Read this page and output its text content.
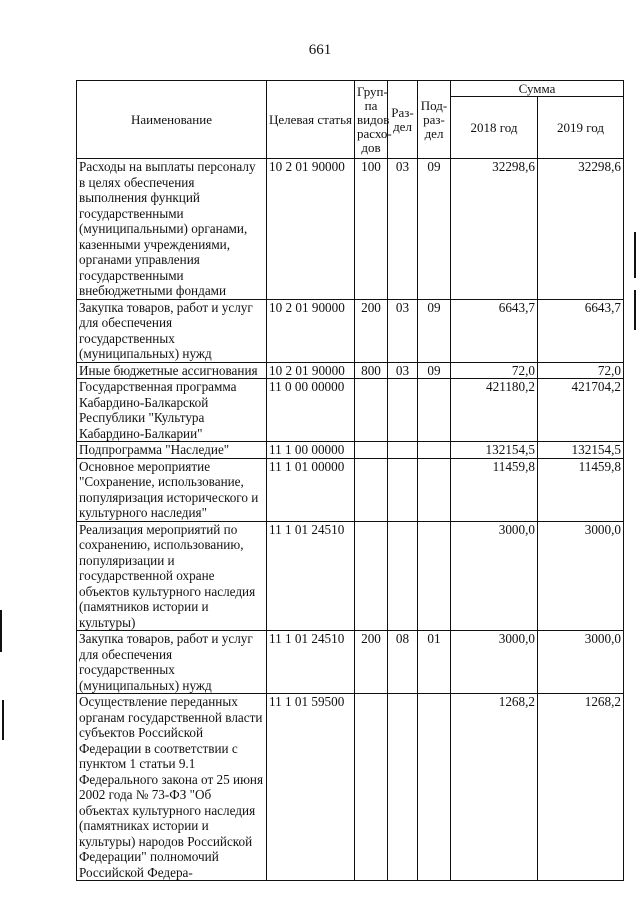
661
Наименование	Целевая статья	Груп-па видов расхо-дов	Раз-дел	Под-раз-дел	Сумма	
					2018 год	2019 год
Расходы на выплаты персоналу в целях обеспечения выполнения функций государственными (муниципальными) органами, казенными учреждениями, органами управления государственными внебюджетными фондами	10 2 01 90000	100	03	09	32298,6	32298,6
Закупка товаров, работ и услуг для обеспечения государственных (муниципальных) нужд	10 2 01 90000	200	03	09	6643,7	6643,7
Иные бюджетные ассигнования	10 2 01 90000	800	03	09	72,0	72,0
Государственная программа Кабардино-Балкарской Республики "Культура Кабардино-Балкарии"	11 0 00 00000				421180,2	421704,2
Подпрограмма "Наследие"	11 1 00 00000				132154,5	132154,5
Основное мероприятие "Сохранение, использование, популяризация исторического и культурного наследия"	11 1 01 00000				11459,8	11459,8
Реализация мероприятий по сохранению, использованию, популяризации и государственной охране объектов культурного наследия (памятников истории и культуры)	11 1 01 24510				3000,0	3000,0
Закупка товаров, работ и услуг для обеспечения государственных (муниципальных) нужд	11 1 01 24510	200	08	01	3000,0	3000,0
Осуществление переданных органам государственной власти субъектов Российской Федерации в соответствии с пунктом 1 статьи 9.1 Федерального закона от 25 июня 2002 года № 73-ФЗ "Об объектах культурного наследия (памятниках истории и культуры) народов Российской Федерации" полномочий Российской Федера-	11 1 01 59500				1268,2	1268,2
